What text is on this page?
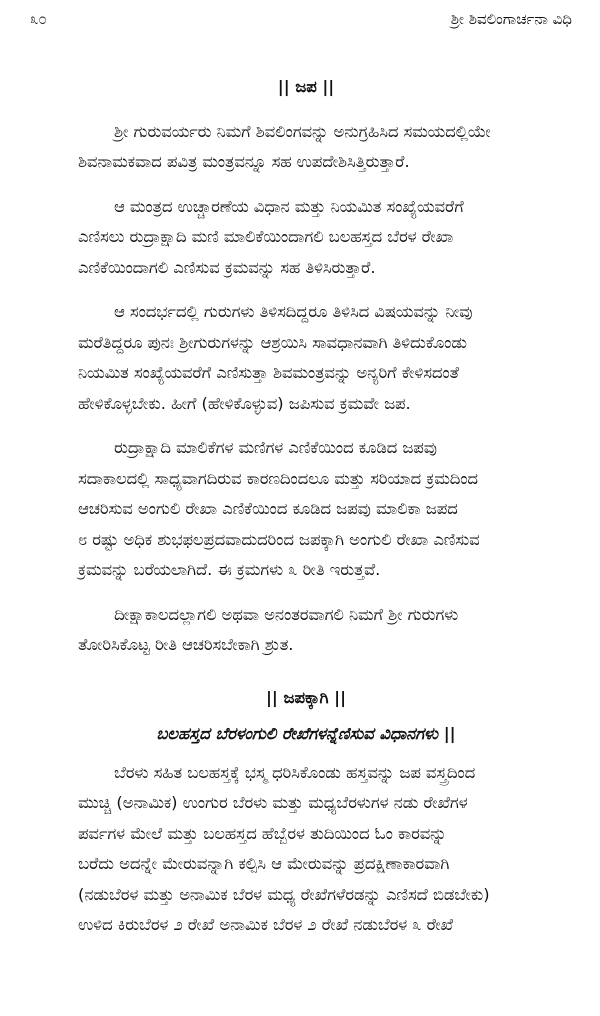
೩೦	ಶ್ರೀ ಶಿವಲಿಂಗಾರ್ಚನಾ ವಿಧಿ
|| ಜಪ ||
ಶ್ರೀ ಗುರುವರ್ಯರು ನಿಮಗೆ ಶಿವಲಿಂಗವನ್ನು ಅನುಗ್ರಹಿಸಿದ ಸಮಯದಲ್ಲಿಯೇ
ಶಿವನಾಮಕವಾದ ಪವಿತ್ರ ಮಂತ್ರವನ್ನೂ ಸಹ ಉಪದೇಶಿಸಿತ್ತಿರುತ್ತಾರೆ.
ಆ ಮಂತ್ರದ ಉಚ್ಚಾರಣೆಯ ವಿಧಾನ ಮತ್ತು ನಿಯಮಿತ ಸಂಖ್ಯೆಯವರೆಗೆ
ಎಣಿಸಲು ರುದ್ರಾಕ್ಷಾದಿ ಮಣಿ ಮಾಲಿಕೆಯಿಂದಾಗಲಿ ಬಲಹಸ್ತದ ಬೆರಳ ರೇಖಾ
ಎಣಿಕೆಯಿಂದಾಗಲಿ ಎಣಿಸುವ ಕ್ರಮವನ್ನು ಸಹ ತಿಳಿಸಿರುತ್ತಾರೆ.
ಆ ಸಂದರ್ಭದಲ್ಲಿ ಗುರುಗಳು ತಿಳಿಸದಿದ್ದರೂ ತಿಳಿಸಿದ ವಿಷಯವನ್ನು ನೀವು
ಮರೆತಿದ್ದರೂ ಪುನಃ ಶ್ರೀಗುರುಗಳನ್ನು ಆಶ್ರಯಿಸಿ ಸಾವಧಾನವಾಗಿ ತಿಳಿದುಕೊಂಡು
ನಿಯಮಿತ ಸಂಖ್ಯೆಯವರೆಗೆ ಎಣಿಸುತ್ತಾ ಶಿವಮಂತ್ರವನ್ನು ಅನ್ಯರಿಗೆ ಕೇಳಿಸದಂತೆ
ಹೇಳಿಕೊಳ್ಳಬೇಕು. ಹೀಗೆ (ಹೇಳಿಕೊಳ್ಳುವ) ಜಪಿಸುವ ಕ್ರಮವೇ ಜಪ.
ರುದ್ರಾಕ್ಷಾದಿ ಮಾಲಿಕೆಗಳ ಮಣಿಗಳ ಎಣಿಕೆಯಿಂದ ಕೂಡಿದ ಜಪವು
ಸದಾಕಾಲದಲ್ಲಿ ಸಾಧ್ಯವಾಗದಿರುವ ಕಾರಣದಿಂದಲೂ ಮತ್ತು ಸರಿಯಾದ ಕ್ರಮದಿಂದ
ಆಚರಿಸುವ ಅಂಗುಲಿ ರೇಖಾ ಎಣಿಕೆಯಿಂದ ಕೂಡಿದ ಜಪವು ಮಾಲಿಕಾ ಜಪದ
೮ ರಷ್ಟು ಅಧಿಕ ಶುಭಫಲಪ್ರದವಾದುದರಿಂದ ಜಪಕ್ಕಾಗಿ ಅಂಗುಲಿ ರೇಖಾ ಎಣಿಸುವ
ಕ್ರಮವನ್ನು ಬರೆಯಲಾಗಿದೆ. ಈ ಕ್ರಮಗಳು ೩ ರೀತಿ ಇರುತ್ತವೆ.
ದೀಕ್ಷಾಕಾಲದಲ್ಲಾಗಲಿ ಅಥವಾ ಅನಂತರವಾಗಲಿ ನಿಮಗೆ ಶ್ರೀ ಗುರುಗಳು
ತೋರಿಸಿಕೊಟ್ಟ ರೀತಿ ಆಚರಿಸಬೇಕಾಗಿ ಶ್ರುತ.
|| ಜಪಕ್ಕಾಗಿ ||
ಬಲಹಸ್ತದ ಬೆರಳಂಗುಲಿ ರೇಖೆಗಳನ್ನೆಣಿಸುವ ವಿಧಾನಗಳು ||
ಬೆರಳು ಸಹಿತ ಬಲಹಸ್ತಕ್ಕೆ ಭಸ್ಮ ಧರಿಸಿಕೊಂಡು ಹಸ್ತವನ್ನು ಜಪ ವಸ್ತ್ರದಿಂದ
ಮುಚ್ಚಿ (ಅನಾಮಿಕ) ಉಂಗುರ ಬೆರಳು ಮತ್ತು ಮಧ್ಯಬೆರಳುಗಳ ನಡು ರೇಖೆಗಳ
ಪರ್ವಗಳ ಮೇಲೆ ಮತ್ತು ಬಲಹಸ್ತದ ಹೆಬ್ಬೆರಳ ತುದಿಯಿಂದ ಓಂ ಕಾರವನ್ನು
ಬರೆದು ಅದನ್ನೇ ಮೇರುವನ್ನಾಗಿ ಕಲ್ಪಿಸಿ ಆ ಮೇರುವನ್ನು ಪ್ರದಕ್ಷಿಣಾಕಾರವಾಗಿ
(ನಡುಬೆರಳ ಮತ್ತು ಅನಾಮಿಕ ಬೆರಳ ಮಧ್ಯ ರೇಖೆಗಳೆರಡನ್ನು ಎಣಿಸದೆ ಬಿಡಬೇಕು)
ಉಳಿದ ಕಿರುಬೆರಳ ೨ ರೇಖೆ ಅನಾಮಿಕ ಬೆರಳ ೨ ರೇಖೆ ನಡುಬೆರಳ ೩ ರೇಖೆ
